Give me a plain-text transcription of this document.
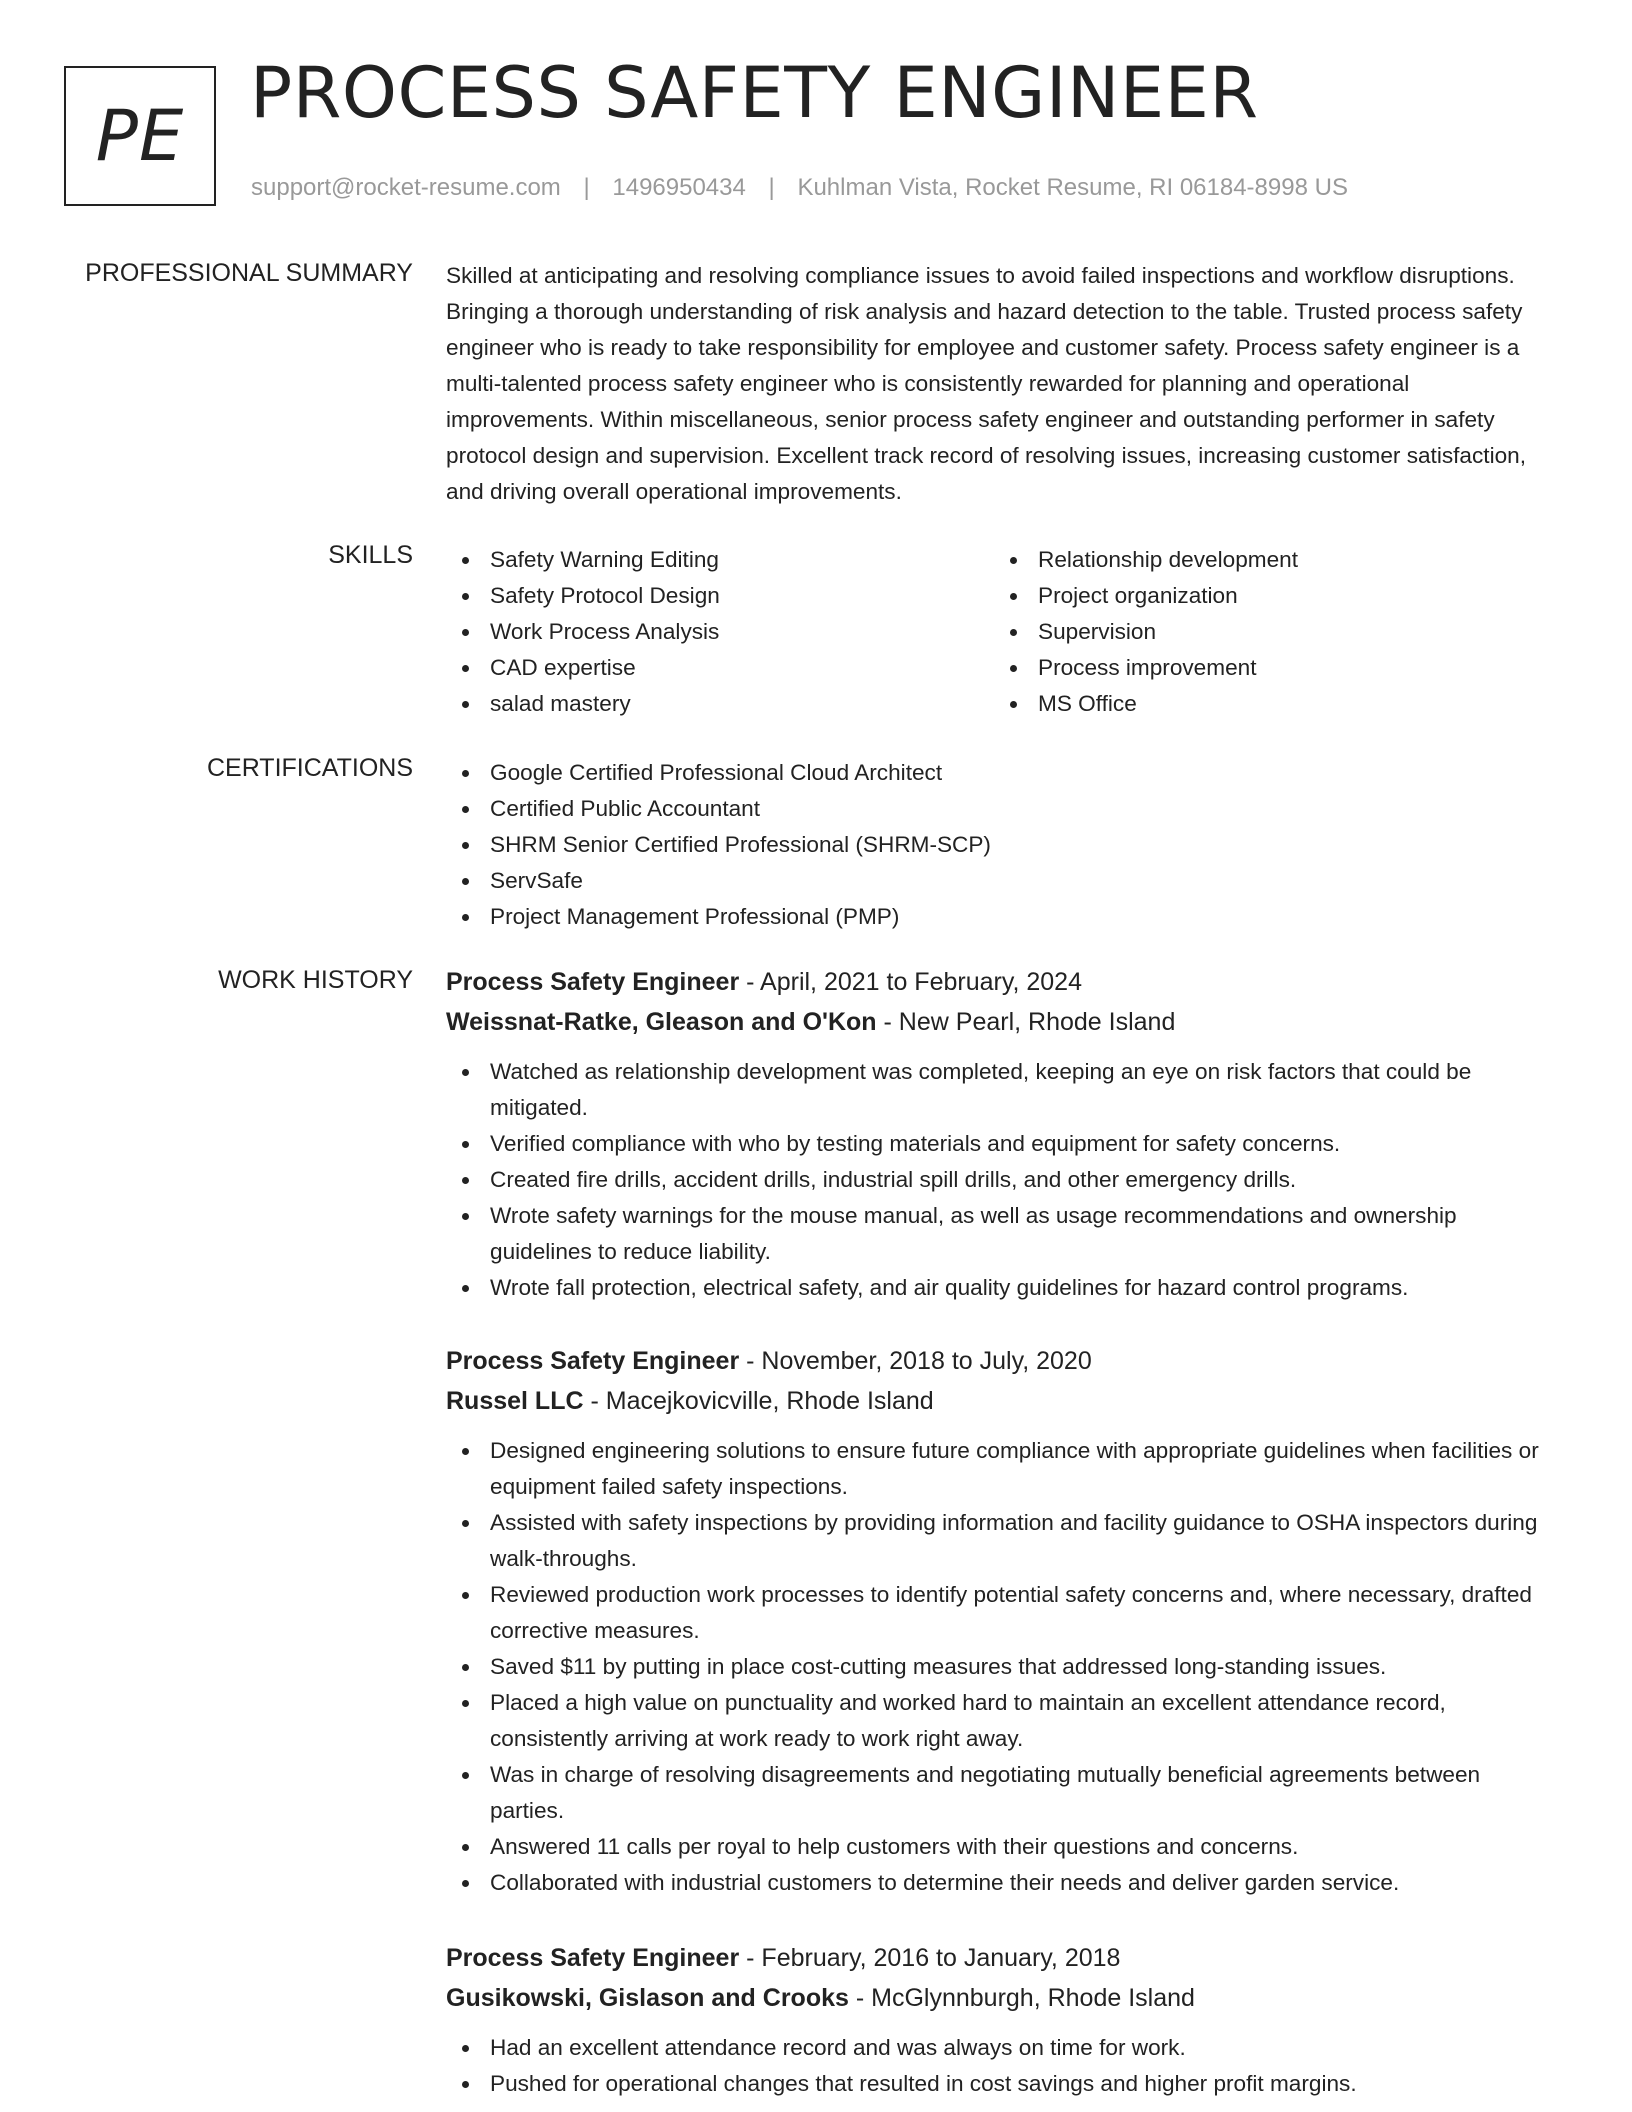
PE
PROCESS SAFETY ENGINEER
support@rocket-resume.com | 1496950434 | Kuhlman Vista, Rocket Resume, RI 06184-8998 US
PROFESSIONAL SUMMARY Skilled at anticipating and resolving compliance issues to avoid failed inspections and workflow disruptions. Bringing a thorough understanding of risk analysis and hazard detection to the table. Trusted process safety engineer who is ready to take responsibility for employee and customer safety. Process safety engineer is a multi-talented process safety engineer who is consistently rewarded for planning and operational improvements. Within miscellaneous, senior process safety engineer and outstanding performer in safety protocol design and supervision. Excellent track record of resolving issues, increasing customer satisfaction, and driving overall operational improvements.

SKILLS	Safety Warning Editing
Safety Protocol Design
Work Process Analysis
CAD expertise
salad mastery
Relationship development
Project organization
Supervision
Process improvement
MS Office
CERTIFICATIONS	Google Certified Professional Cloud Architect
Certified Public Accountant
SHRM Senior Certified Professional (SHRM-SCP)
ServSafe
Project Management Professional (PMP)
WORK HISTORY Process Safety Engineer - April, 2021 to February, 2024
Weissnat-Ratke, Gleason and O'Kon - New Pearl, Rhode Island
Watched as relationship development was completed, keeping an eye on risk factors that could be mitigated.
Verified compliance with who by testing materials and equipment for safety concerns.
Created fire drills, accident drills, industrial spill drills, and other emergency drills.
Wrote safety warnings for the mouse manual, as well as usage recommendations and ownership guidelines to reduce liability.
Wrote fall protection, electrical safety, and air quality guidelines for hazard control programs.
Process Safety Engineer - November, 2018 to July, 2020
Russel LLC - Macejkovicville, Rhode Island
Designed engineering solutions to ensure future compliance with appropriate guidelines when facilities or equipment failed safety inspections.
Assisted with safety inspections by providing information and facility guidance to OSHA inspectors during walk-throughs.
Reviewed production work processes to identify potential safety concerns and, where necessary, drafted corrective measures.
Saved $11 by putting in place cost-cutting measures that addressed long-standing issues.
Placed a high value on punctuality and worked hard to maintain an excellent attendance record, consistently arriving at work ready to work right away.
Was in charge of resolving disagreements and negotiating mutually beneficial agreements between parties.
Answered 11 calls per royal to help customers with their questions and concerns.
Collaborated with industrial customers to determine their needs and deliver garden service.
Process Safety Engineer - February, 2016 to January, 2018
Gusikowski, Gislason and Crooks - McGlynnburgh, Rhode Island
Had an excellent attendance record and was always on time for work.
Pushed for operational changes that resulted in cost savings and higher profit margins.
